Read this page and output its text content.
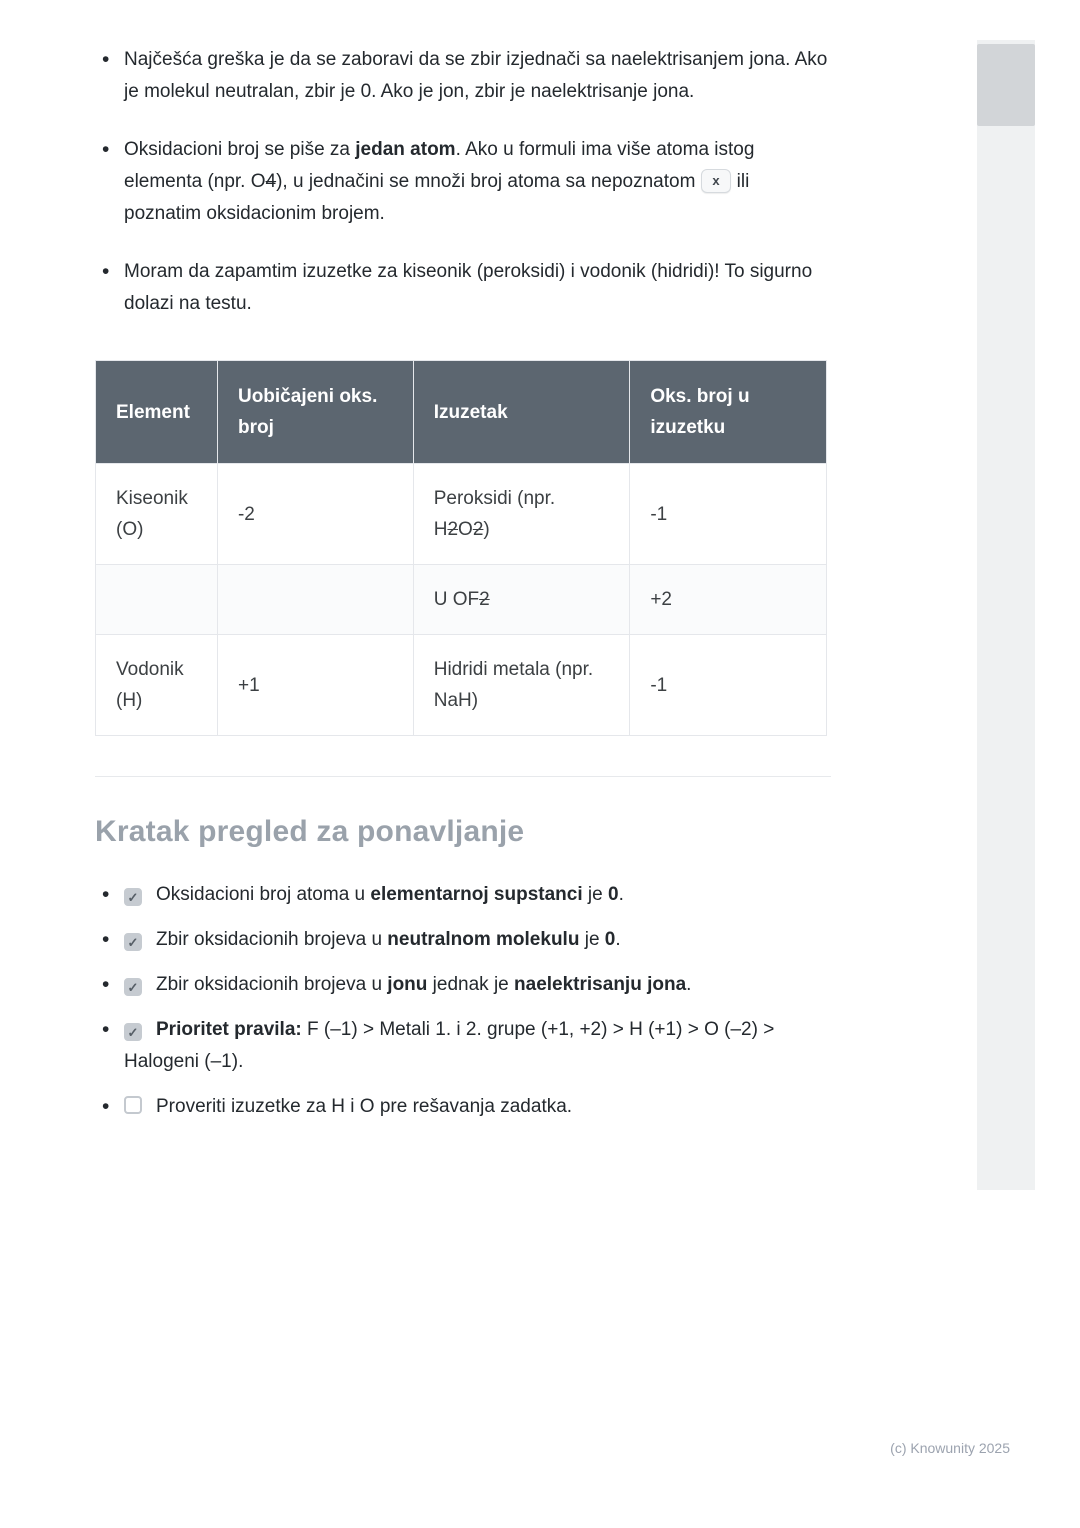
• Najčešća greška je da se zaboravi da se zbir izjednači sa naelektrisanjem jona. Ako je molekul neutralan, zbir je 0. Ako je jon, zbir je naelektrisanje jona.
• Oksidacioni broj se piše za jedan atom. Ako u formuli ima više atoma istog elementa (npr. O4), u jednačini se množi broj atoma sa nepoznatom x ili poznatim oksidacionim brojem.
• Moram da zapamtim izuzetke za kiseonik (peroksidi) i vodonik (hidridi)! To sigurno dolazi na testu.
Element	Uobičajeni oks. broj	Izuzetak	Oks. broj u izuzetku
Kiseonik (O)	-2	Peroksidi (npr. H2O2)	-1
		U OF2	+2
Vodonik (H)	+1	Hidridi metala (npr. NaH)	-1
Kratak pregled za ponavljanje
• ✓ Oksidacioni broj atoma u elementarnoj supstanci je 0.
• ✓ Zbir oksidacionih brojeva u neutralnom molekulu je 0.
• ✓ Zbir oksidacionih brojeva u jonu jednak je naelektrisanju jona.
• ✓ Prioritet pravila: F (–1) > Metali 1. i 2. grupe (+1, +2) > H (+1) > O (–2) > Halogeni (–1).
• Proveriti izuzetke za H i O pre rešavanja zadatka.
(c) Knowunity 2025
